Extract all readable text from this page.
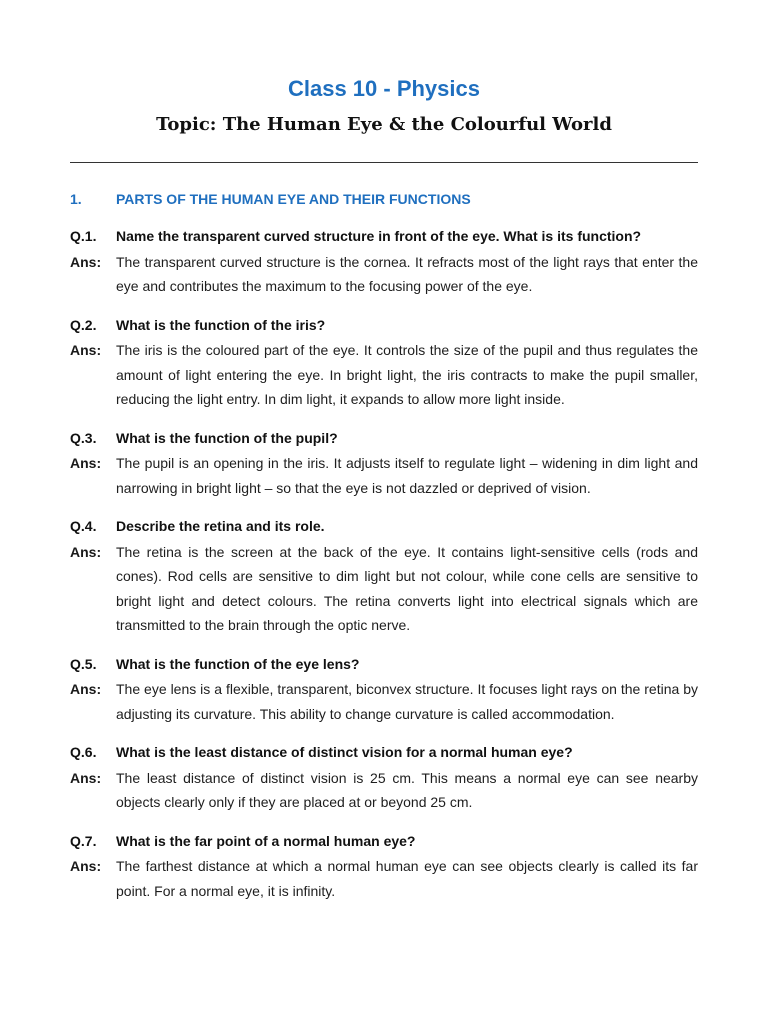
Class 10 - Physics
Topic: The Human Eye & the Colourful World
1.	PARTS OF THE HUMAN EYE AND THEIR FUNCTIONS
Q.1.	Name the transparent curved structure in front of the eye. What is its function?
Ans:	The transparent curved structure is the cornea. It refracts most of the light rays that enter the eye and contributes the maximum to the focusing power of the eye.
Q.2.	What is the function of the iris?
Ans:	The iris is the coloured part of the eye. It controls the size of the pupil and thus regulates the amount of light entering the eye. In bright light, the iris contracts to make the pupil smaller, reducing the light entry. In dim light, it expands to allow more light inside.
Q.3.	What is the function of the pupil?
Ans:	The pupil is an opening in the iris. It adjusts itself to regulate light – widening in dim light and narrowing in bright light – so that the eye is not dazzled or deprived of vision.
Q.4.	Describe the retina and its role.
Ans:	The retina is the screen at the back of the eye. It contains light-sensitive cells (rods and cones). Rod cells are sensitive to dim light but not colour, while cone cells are sensitive to bright light and detect colours. The retina converts light into electrical signals which are transmitted to the brain through the optic nerve.
Q.5.	What is the function of the eye lens?
Ans:	The eye lens is a flexible, transparent, biconvex structure. It focuses light rays on the retina by adjusting its curvature. This ability to change curvature is called accommodation.
Q.6.	What is the least distance of distinct vision for a normal human eye?
Ans:	The least distance of distinct vision is 25 cm. This means a normal eye can see nearby objects clearly only if they are placed at or beyond 25 cm.
Q.7.	What is the far point of a normal human eye?
Ans:	The farthest distance at which a normal human eye can see objects clearly is called its far point. For a normal eye, it is infinity.
